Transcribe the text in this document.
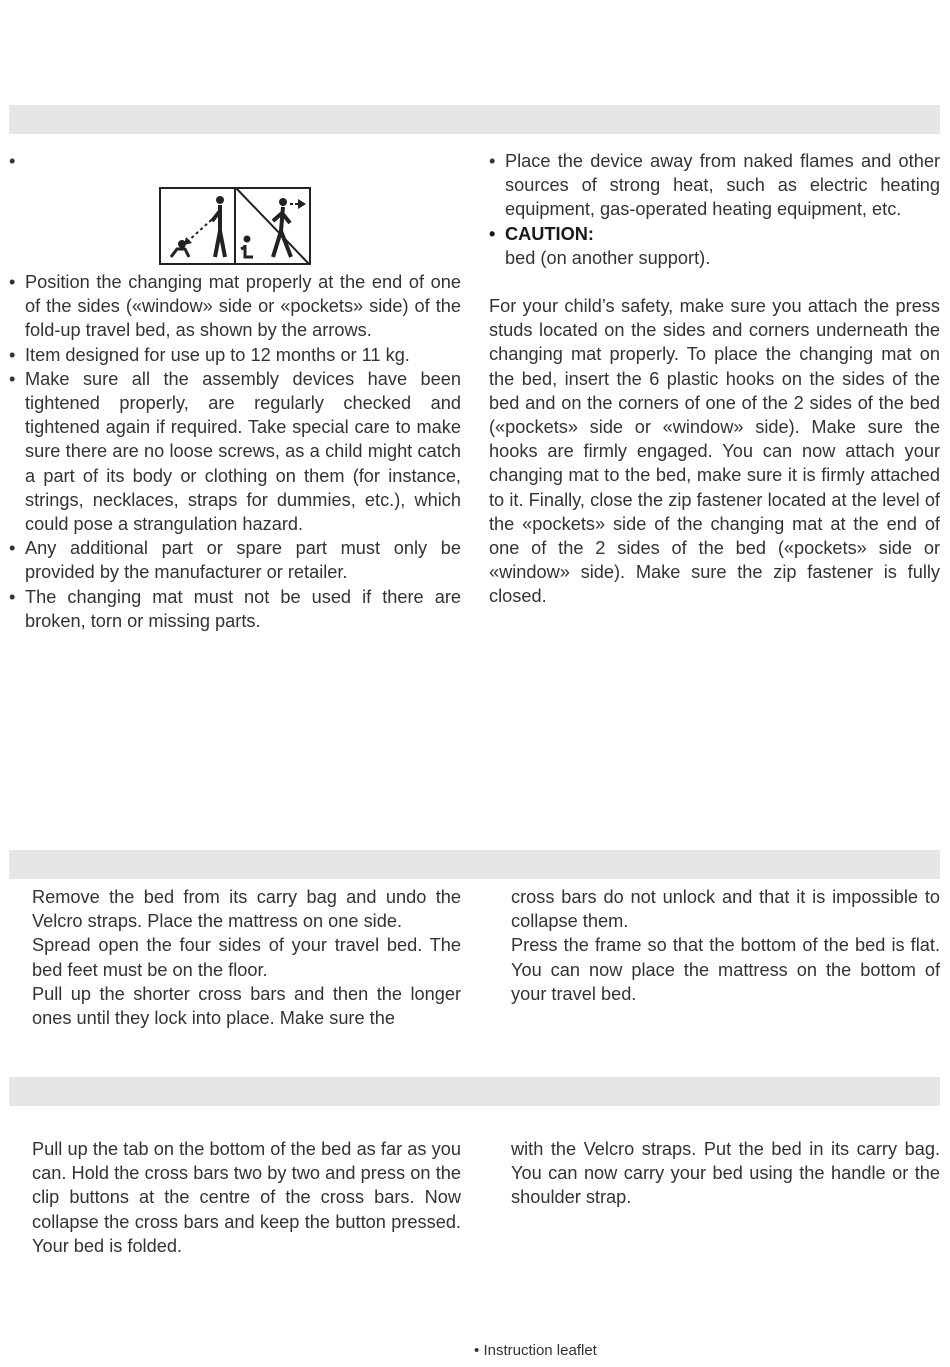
•

• Position the changing mat properly at the end of one of the sides («window» side or «pockets» side) of the fold-up travel bed, as shown by the arrows.

• Item designed for use up to 12 months or 11 kg.

• Make sure all the assembly devices have been tightened properly, are regularly checked and tightened again if required. Take special care to make sure there are no loose screws, as a child might catch a part of its body or clothing on them (for instance, strings, necklaces, straps for dummies, etc.), which could pose a strangulation hazard.

• Any additional part or spare part must only be provided by the manufacturer or retailer.

• The changing mat must not be used if there are broken, torn or missing parts.

• Place the device away from naked flames and other sources of strong heat, such as electric heating equipment, gas-operated heating equipment, etc.

• CAUTION:

bed (on another support).

For your child’s safety, make sure you attach the press studs located on the sides and corners underneath the changing mat properly. To place the changing mat on the bed, insert the 6 plastic hooks on the sides of the bed and on the corners of one of the 2 sides of the bed («pockets» side or «window» side). Make sure the hooks are firmly engaged. You can now attach your changing mat to the bed, make sure it is firmly attached to it. Finally, close the zip fastener located at the level of the «pockets» side of the changing mat at the end of one of the 2 sides of the bed («pockets» side or «window» side). Make sure the zip fastener is fully closed.

Remove the bed from its carry bag and undo the Velcro straps. Place the mattress on one side.

Spread open the four sides of your travel bed. The bed feet must be on the floor.

Pull up the shorter cross bars and then the longer ones until they lock into place. Make sure the

cross bars do not unlock and that it is impossible to collapse them.

Press the frame so that the bottom of the bed is flat. You can now place the mattress on the bottom of your travel bed.

Pull up the tab on the bottom of the bed as far as you can. Hold the cross bars two by two and press on the clip buttons at the centre of the cross bars. Now collapse the cross bars and keep the button pressed. Your bed is folded.

with the Velcro straps. Put the bed in its carry bag. You can now carry your bed using the handle or the shoulder strap.

• Instruction leaflet
